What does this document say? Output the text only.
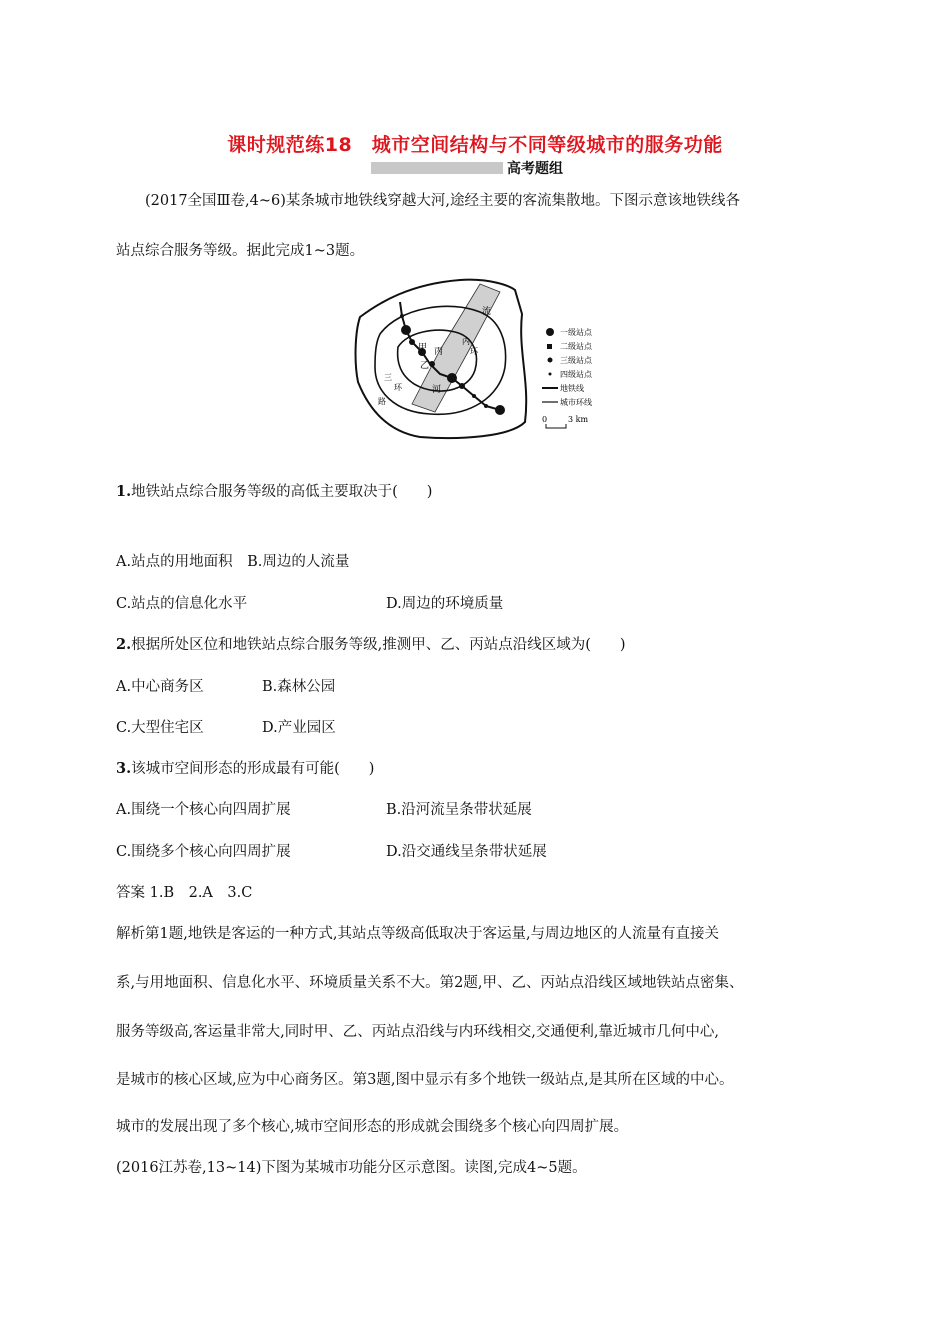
课时规范练18　城市空间结构与不同等级城市的服务功能
高考题组
(2017全国Ⅲ卷,4~6)某条城市地铁线穿越大河,途经主要的客流集散地。下图示意该地铁线各
站点综合服务等级。据此完成1~3题。
甲
乙
丙
流
河
三
环
路
内
环
一级站点
二级站点
三级站点
四级站点
地铁线
城市环线
0	3 km
1.地铁站点综合服务等级的高低主要取决于(　　)
A.站点的用地面积　 B.周边的人流量
C.站点的信息化水平	D.周边的环境质量
2.根据所处区位和地铁站点综合服务等级,推测甲、乙、丙站点沿线区域为(　　)
A.中心商务区	B.森林公园
C.大型住宅区	D.产业园区
3.该城市空间形态的形成最有可能(　　)
A.围绕一个核心向四周扩展	B.沿河流呈条带状延展
C.围绕多个核心向四周扩展	D.沿交通线呈条带状延展
答案 1.B　2.A　3.C
解析第1题,地铁是客运的一种方式,其站点等级高低取决于客运量,与周边地区的人流量有直接关
系,与用地面积、信息化水平、环境质量关系不大。第2题,甲、乙、丙站点沿线区域地铁站点密集、
服务等级高,客运量非常大,同时甲、乙、丙站点沿线与内环线相交,交通便利,靠近城市几何中心,
是城市的核心区域,应为中心商务区。第3题,图中显示有多个地铁一级站点,是其所在区域的中心。
城市的发展出现了多个核心,城市空间形态的形成就会围绕多个核心向四周扩展。
(2016江苏卷,13~14)下图为某城市功能分区示意图。读图,完成4~5题。
